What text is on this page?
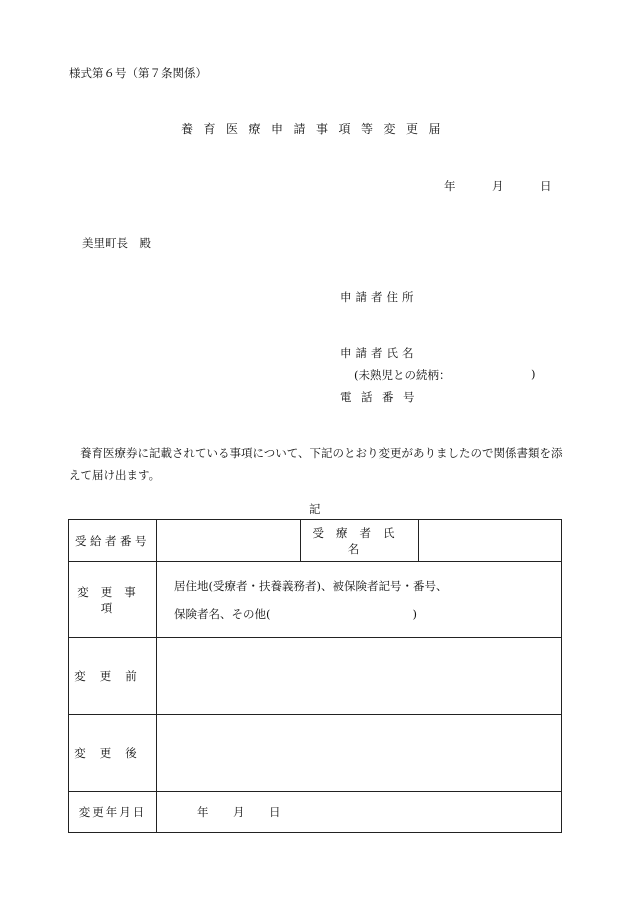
様式第６号（第７条関係）
養育医療申請事項等変更届
年	月	日
美里町長　殿
申請者住所
申請者氏名
(未熟児との続柄：	)
電話番号
養育医療券に記載されている事項について、下記のとおり変更がありましたので関係書類を添えて届け出ます。
記
受給者番号		受療者氏名	
変更事項	居住地(受療者・扶養義務者)、被保険者記号・番号、
保険者名、その他( )		

変更前			
変更後			
変更年月日	年 月 日		
